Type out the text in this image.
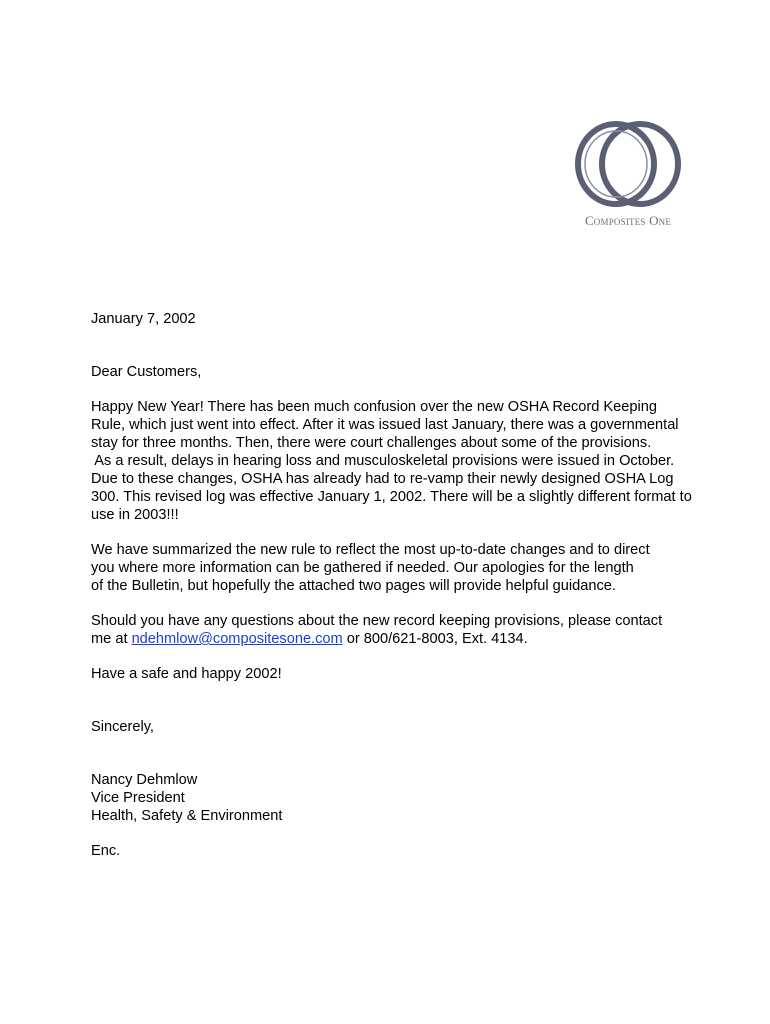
Composites One

January 7, 2002

Dear Customers,

Happy New Year! There has been much confusion over the new OSHA Record Keeping
Rule, which just went into effect. After it was issued last January, there was a governmental
stay for three months. Then, there were court challenges about some of the provisions.
As a result, delays in hearing loss and musculoskeletal provisions were issued in October.
Due to these changes, OSHA has already had to re-vamp their newly designed OSHA Log
300. This revised log was effective January 1, 2002. There will be a slightly different format to
use in 2003!!!

We have summarized the new rule to reflect the most up-to-date changes and to direct
you where more information can be gathered if needed. Our apologies for the length
of the Bulletin, but hopefully the attached two pages will provide helpful guidance.

Should you have any questions about the new record keeping provisions, please contact
me at ndehmlow@compositesone.com or 800/621-8003, Ext. 4134.

Have a safe and happy 2002!

Sincerely,

Nancy Dehmlow

Vice President

Health, Safety & Environment

Enc.
